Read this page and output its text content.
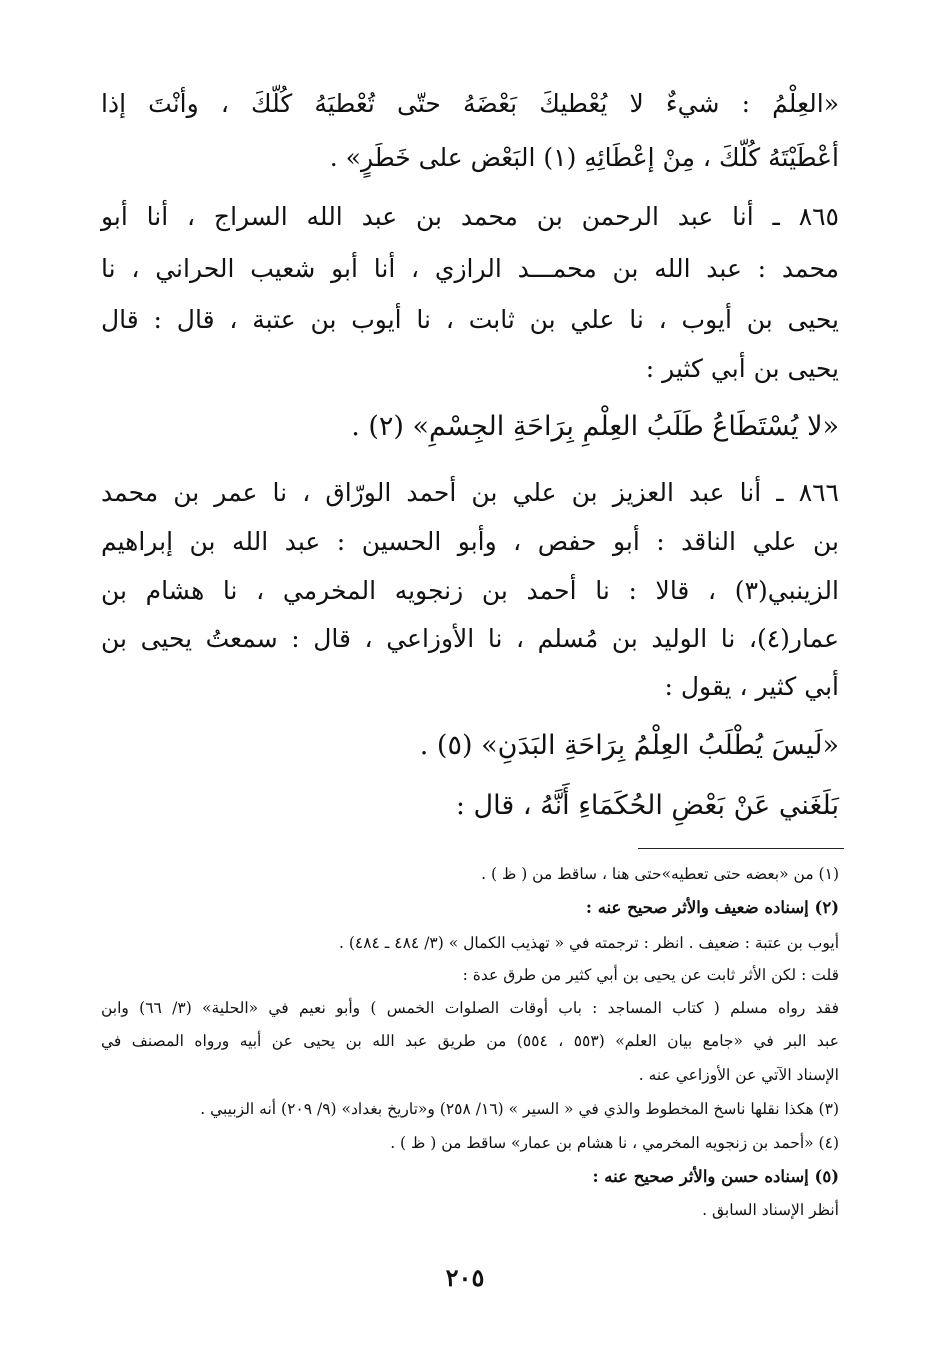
«العِلْمُ : شيءٌ لا يُعْطيكَ بَعْضَهُ حتّى تُعْطيَهُ كُلّكَ ، وأنْتَ إذا
أعْطَيْتَهُ كُلّكَ ، مِنْ إعْطَائِهِ (١) البَعْض على خَطَرٍ» .
٨٦٥ ـ أنا عبد الرحمن بن محمد بن عبد الله السراج ، أنا أبو
محمد : عبد الله بن محمـــد الرازي ، أنا أبو شعيب الحراني ، نا
يحيى بن أيوب ، نا علي بن ثابت ، نا أيوب بن عتبة ، قال : قال
يحيى بن أبي كثير :
«لا يُسْتَطَاعُ طَلَبُ العِلْمِ بِرَاحَةِ الجِسْمِ» (٢) .
٨٦٦ ـ أنا عبد العزيز بن علي بن أحمد الورّاق ، نا عمر بن محمد
بن علي الناقد : أبو حفص ، وأبو الحسين : عبد الله بن إبراهيم
الزينبي(٣) ، قالا : نا أحمد بن زنجويه المخرمي ، نا هشام بن
عمار(٤)، نا الوليد بن مُسلم ، نا الأوزاعي ، قال : سمعتُ يحيى بن
أبي كثير ، يقول :
«لَيسَ يُطْلَبُ العِلْمُ بِرَاحَةِ البَدَنِ» (٥) .
بَلَغَني عَنْ بَعْضِ الحُكَمَاءِ أَنَّهُ ، قال :
(١) من «بعضه حتى تعطيه»حتى هنا ، ساقط من ( ظ ) .
(٢) إسناده ضعيف والأثر صحيح عنه :
أيوب بن عتبة : ضعيف . انظر : ترجمته في « تهذيب الكمال » (٣/ ٤٨٤ ـ ٤٨٤) .
قلت : لكن الأثر ثابت عن يحيى بن أبي كثير من طرق عدة :
فقد رواه مسلم ( كتاب المساجد : باب أوقات الصلوات الخمس ) وأبو نعيم في «الحلية» (٣/ ٦٦) وابن
عبد البر في «جامع بيان العلم» (٥٥٣ ، ٥٥٤) من طريق عبد الله بن يحيى عن أبيه ورواه المصنف في
الإسناد الآتي عن الأوزاعي عنه .
(٣) هكذا نقلها ناسخ المخطوط والذي في « السير » (١٦/ ٢٥٨) و«تاريخ بغداد» (٩/ ٢٠٩) أنه الزبيبي .
(٤) «أحمد بن زنجويه المخرمي ، نا هشام بن عمار» ساقط من ( ظ ) .
(٥) إسناده حسن والأثر صحيح عنه :
أنظر الإسناد السابق .
٢٠٥
